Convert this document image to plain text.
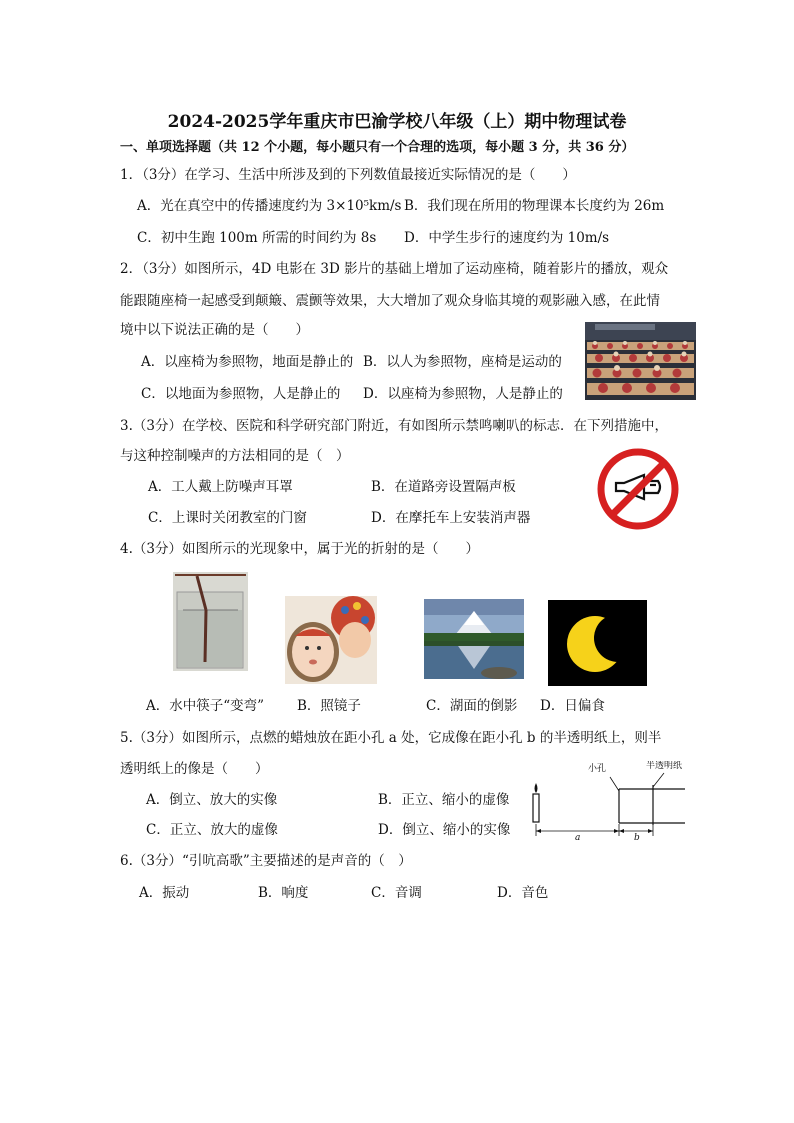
2024-2025学年重庆市巴渝学校八年级（上）期中物理试卷
一、单项选择题（共 12 个小题，每小题只有一个合理的选项，每小题 3 分，共 36 分）
1．（3分）在学习、生活中所涉及到的下列数值最接近实际情况的是（　　）
A．光在真空中的传播速度约为 3×10⁵km/s B．我们现在所用的物理课本长度约为 26m
C．初中生跑 100m 所需的时间约为 8s D．中学生步行的速度约为 10m/s
2．（3分）如图所示，4D 电影在 3D 影片的基础上增加了运动座椅，随着影片的播放，观众
能跟随座椅一起感受到颠簸、震颤等效果，大大增加了观众身临其境的观影融入感，在此情
境中以下说法正确的是（　　）
A．以座椅为参照物，地面是静止的 B．以人为参照物，座椅是运动的
C．以地面为参照物，人是静止的 D．以座椅为参照物，人是静止的
3.（3分）在学校、医院和科学研究部门附近，有如图所示禁鸣喇叭的标志．在下列措施中，
与这种控制噪声的方法相同的是（　）
A．工人戴上防噪声耳罩	B．在道路旁设置隔声板
C．上课时关闭教室的门窗	D．在摩托车上安装消声器
4.（3分）如图所示的光现象中，属于光的折射的是（　　）
A．水中筷子“变弯” B．照镜子	C．湖面的倒影 D．日偏食
5.（3分）如图所示，点燃的蜡烛放在距小孔 a 处，它成像在距小孔 b 的半透明纸上，则半
透明纸上的像是（　　）
A．倒立、放大的实像	B．正立、缩小的虚像
C．正立、放大的虚像	D．倒立、缩小的实像
小孔	半透明纸
a	b
6.（3分）“引吭高歌”主要描述的是声音的（　）
A．振动	B．响度	C．音调	D．音色
